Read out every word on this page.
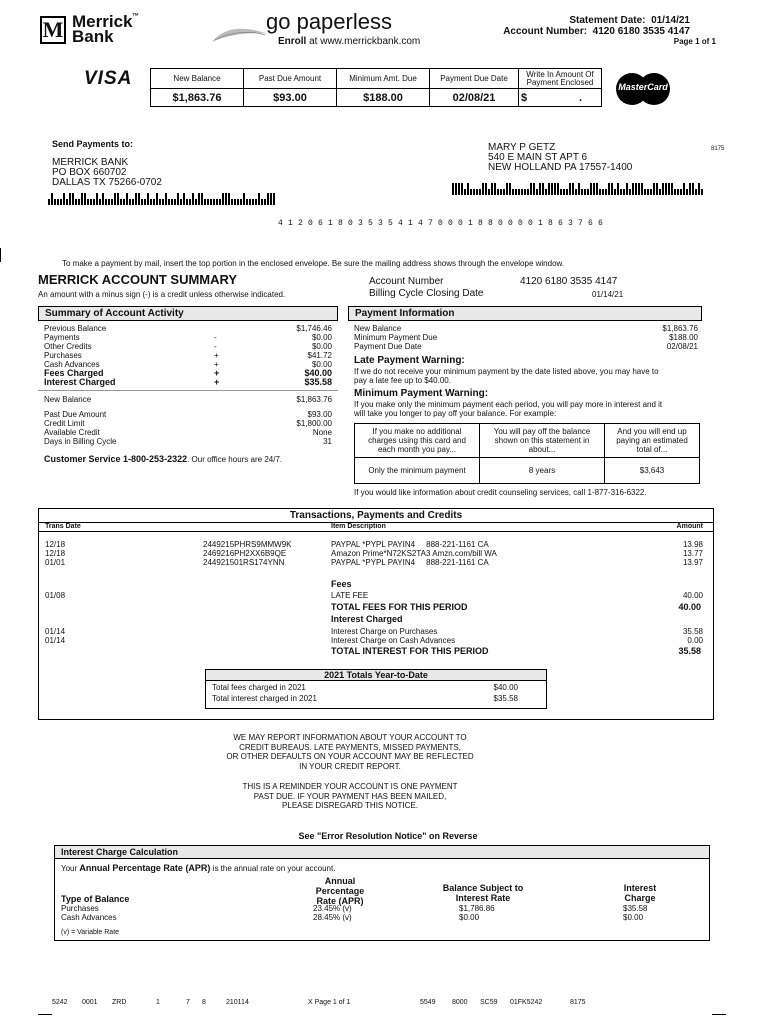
M Merrick ™
Bank
go paperless
Enroll at www.merrickbank.com
Statement Date: 01/14/21
Account Number: 4120 6180 3535 4147
Page 1 of 1
VISA	New Balance	Past Due Amount	Minimum Amt. Due	Payment Due Date	Write In Amount Of Payment Enclosed
$1,863.76	$93.00	$188.00	02/08/21	$ .
MasterCard
Send Payments to:
MERRICK BANK
PO BOX 660702
DALLAS TX 75266-0702
MARY P GETZ
540 E MAIN ST APT 6
NEW HOLLAND PA 17557-1400
8175
4 1 2 0 6 1 8 0 3 5 3 5 4 1 4 7 0 0 0 1 8 8 0 0 0 0 1 8 6 3 7 6 6
To make a payment by mail, insert the top portion in the enclosed envelope. Be sure the mailing address shows through the envelope window.
MERRICK ACCOUNT SUMMARY
An amount with a minus sign (-) is a credit unless otherwise indicated.
Account Number	4120 6180 3535 4147
Billing Cycle Closing Date	01/14/21
Summary of Account Activity
Previous Balance	$1,746.46
Payments	-	$0.00
Other Credits	-	$0.00
Purchases	+	$41.72
Cash Advances	+	$0.00
Fees Charged	+	$40.00
Interest Charged	+	$35.58
New Balance	$1,863.76
Past Due Amount	$93.00
Credit Limit	$1,800.00
Available Credit	None
Days in Billing Cycle	31
Customer Service 1-800-253-2322. Our office hours are 24/7.
Payment Information
New Balance	$1,863.76
Minimum Payment Due	$188.00
Payment Due Date	02/08/21
Late Payment Warning:
If we do not receive your minimum payment by the date listed above, you may have to pay a late fee up to $40.00.
Minimum Payment Warning:
If you make only the minimum payment each period, you will pay more in interest and it will take you longer to pay off your balance. For example:
If you make no additional charges using this card and each month you pay...	You will pay off the balance shown on this statement in about...	And you will end up paying an estimated total of...
Only the minimum payment	8 years	$3,643
If you would like information about credit counseling services, call 1-877-316-6322.
Transactions, Payments and Credits
Trans Date	Item Description	Amount
12/18	2449215PHRS9MMW9K	PAYPAL *PYPL PAYIN4     888-221-1161 CA	13.98
12/18	2469216PH2XX6B9QE	Amazon Prime*N72KS2TA3 Amzn.com/bill WA	13.77
01/01	244921501RS174YNN	PAYPAL *PYPL PAYIN4     888-221-1161 CA	13.97
Fees
01/08	LATE FEE	40.00
TOTAL FEES FOR THIS PERIOD	40.00
Interest Charged
01/14	Interest Charge on Purchases	35.58
01/14	Interest Charge on Cash Advances	0.00
TOTAL INTEREST FOR THIS PERIOD	35.58
2021 Totals Year-to-Date
Total fees charged in 2021	$40.00
Total interest charged in 2021	$35.58
WE MAY REPORT INFORMATION ABOUT YOUR ACCOUNT TO
CREDIT BUREAUS. LATE PAYMENTS, MISSED PAYMENTS,
OR OTHER DEFAULTS ON YOUR ACCOUNT MAY BE REFLECTED
IN YOUR CREDIT REPORT.
THIS IS A REMINDER YOUR ACCOUNT IS ONE PAYMENT
PAST DUE. IF YOUR PAYMENT HAS BEEN MAILED,
PLEASE DISREGARD THIS NOTICE.
See "Error Resolution Notice" on Reverse
Interest Charge Calculation
Your Annual Percentage Rate (APR) is the annual rate on your account.
Type of Balance
Annual
Percentage
Rate (APR)
Balance Subject to
Interest Rate
Interest
Charge
Purchases	23.45% (v)	$1,786.86	$35.58
Cash Advances	28.45% (v)	$0.00	$0.00
(v) = Variable Rate
5242 0001 ZRD	1	7 8	210114	X Page 1 of 1	5549 8000 SC59 01FK5242	8175
